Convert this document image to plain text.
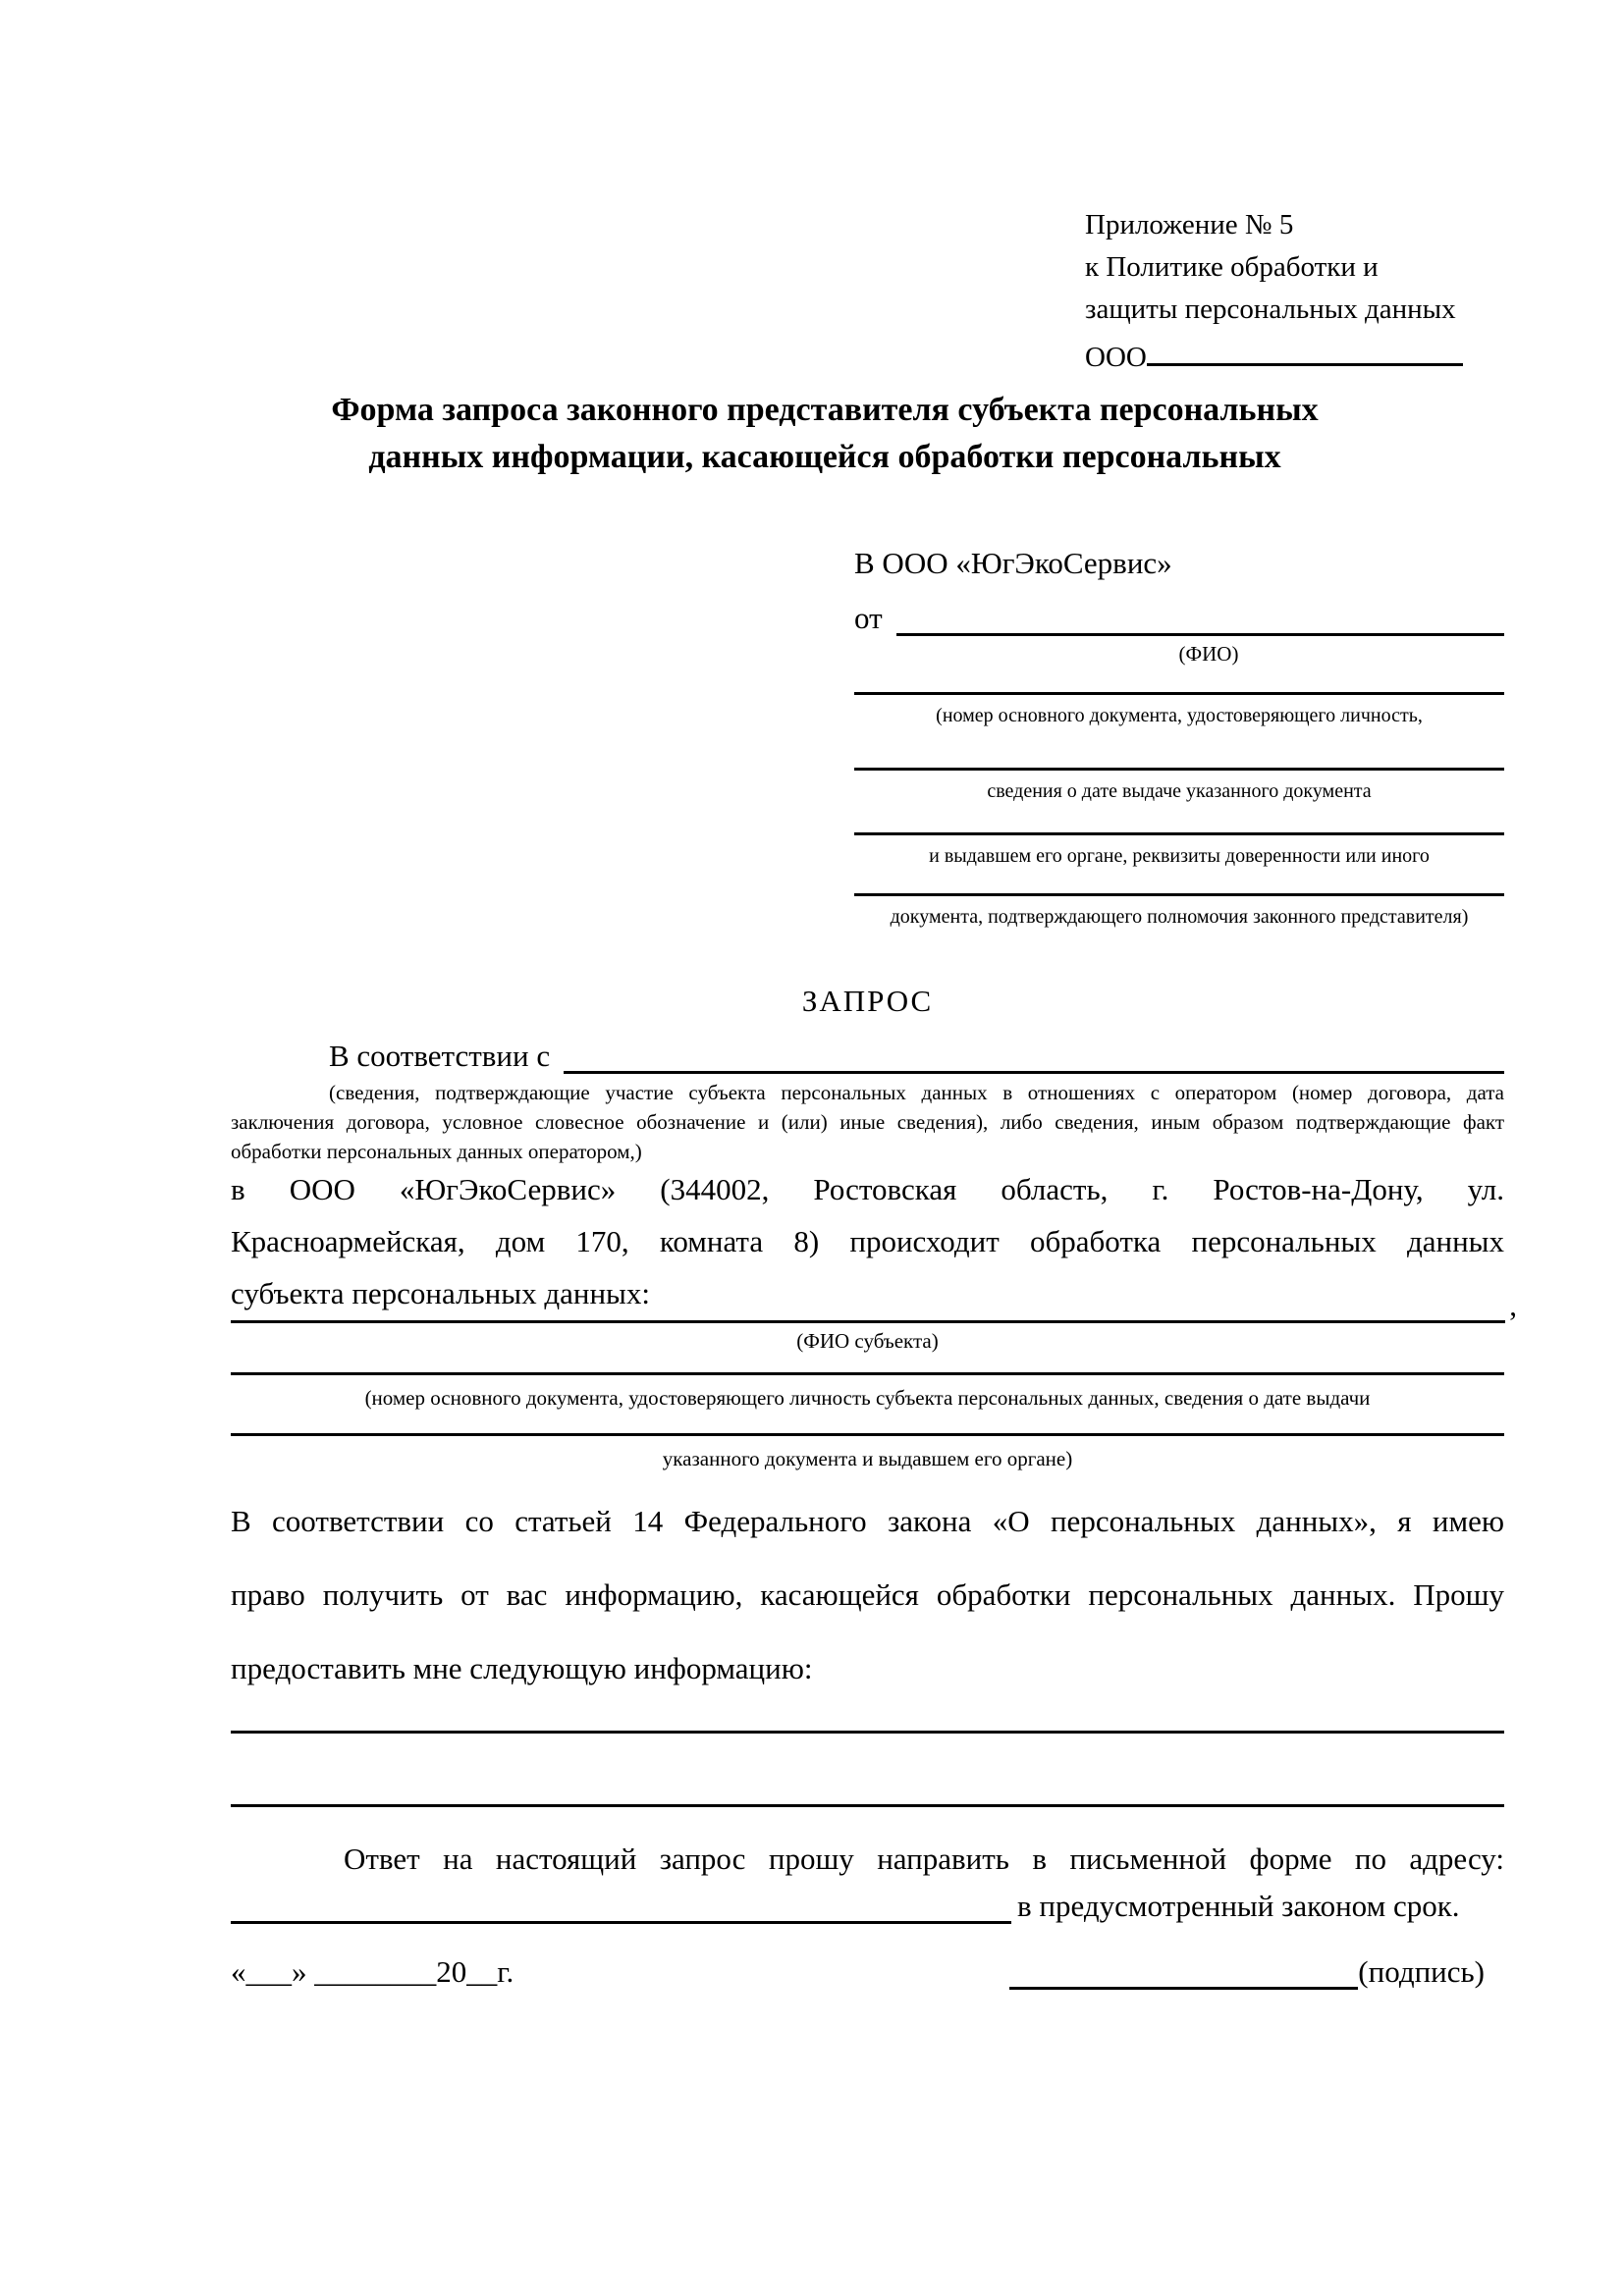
Приложение № 5
к Политике обработки и
защиты персональных данных
ООО
Форма запроса законного представителя субъекта персональных
данных информации, касающейся обработки персональных
В ООО «ЮгЭкоСервис»
от
(ФИО)
(номер основного документа, удостоверяющего личность,
сведения о дате выдаче указанного документа
и выдавшем его органе, реквизиты доверенности или иного
документа, подтверждающего полномочия законного представителя)
ЗАПРОС
В соответствии с
(сведения, подтверждающие участие субъекта персональных данных в отношениях с оператором (номер договора, дата
заключения договора, условное словесное обозначение и (или) иные сведения), либо сведения, иным образом подтверждающие факт
обработки персональных данных оператором,)
в ООО «ЮгЭкоСервис» (344002, Ростовская область, г. Ростов-на-Дону, ул.
Красноармейская, дом 170, комната 8) происходит обработка персональных данных
субъекта персональных данных:	,
(ФИО субъекта)
(номер основного документа, удостоверяющего личность субъекта персональных данных, сведения о дате выдачи
указанного документа и выдавшем его органе)
В соответствии со статьей 14 Федерального закона «О персональных данных», я имею
право получить от вас информацию, касающейся обработки персональных данных. Прошу
предоставить мне следующую информацию:
Ответ на настоящий запрос прошу направить в письменной форме по адресу:
в предусмотренный законом срок.
«___» ________20__г.	(подпись)
